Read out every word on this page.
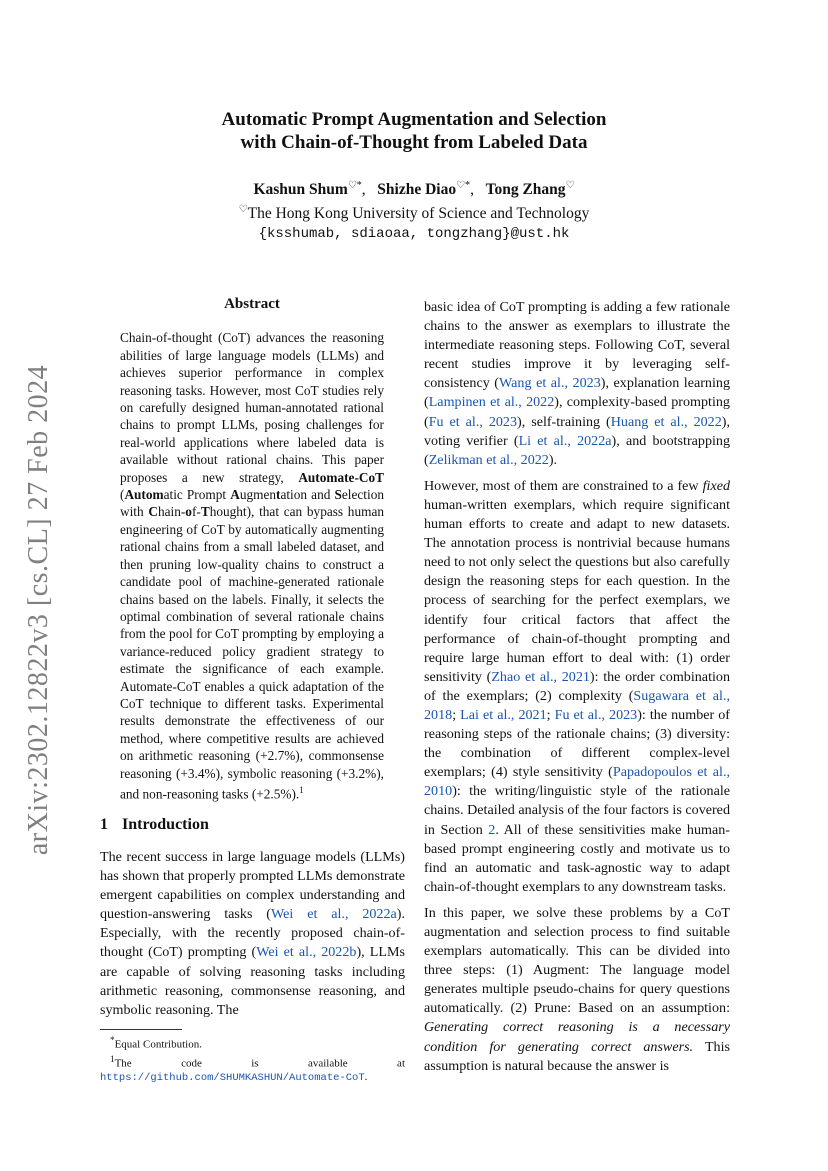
arXiv:2302.12822v3 [cs.CL] 27 Feb 2024
Automatic Prompt Augmentation and Selection
with Chain-of-Thought from Labeled Data
Kashun Shum♡*,   Shizhe Diao♡*,   Tong Zhang♡
♡The Hong Kong University of Science and Technology
{ksshumab, sdiaoaa, tongzhang}@ust.hk
Abstract

Chain-of-thought (CoT) advances the reasoning abilities of large language models (LLMs) and achieves superior performance in complex reasoning tasks. However, most CoT studies rely on carefully designed human-annotated rational chains to prompt LLMs, posing challenges for real-world applications where labeled data is available without rational chains. This paper proposes a new strategy, Automate-CoT (Automatic Prompt Augmentation and Selection with Chain-of-Thought), that can bypass human engineering of CoT by automatically augmenting rational chains from a small labeled dataset, and then pruning low-quality chains to construct a candidate pool of machine-generated rationale chains based on the labels. Finally, it selects the optimal combination of several rationale chains from the pool for CoT prompting by employing a variance-reduced policy gradient strategy to estimate the significance of each example. Automate-CoT enables a quick adaptation of the CoT technique to different tasks. Experimental results demonstrate the effectiveness of our method, where competitive results are achieved on arithmetic reasoning (+2.7%), commonsense reasoning (+3.4%), symbolic reasoning (+3.2%), and non-reasoning tasks (+2.5%).$^1$

1 Introduction

The recent success in large language models (LLMs) has shown that properly prompted LLMs demonstrate emergent capabilities on complex understanding and question-answering tasks (Wei et al., 2022a). Especially, with the recently proposed chain-of-thought (CoT) prompting (Wei et al., 2022b), LLMs are capable of solving reasoning tasks including arithmetic reasoning, commonsense reasoning, and symbolic reasoning. The

basic idea of CoT prompting is adding a few rationale chains to the answer as exemplars to illustrate the intermediate reasoning steps. Following CoT, several recent studies improve it by leveraging self-consistency (Wang et al., 2023), explanation learning (Lampinen et al., 2022), complexity-based prompting (Fu et al., 2023), self-training (Huang et al., 2022), voting verifier (Li et al., 2022a), and bootstrapping (Zelikman et al., 2022).

However, most of them are constrained to a few fixed human-written exemplars, which require significant human efforts to create and adapt to new datasets. The annotation process is nontrivial because humans need to not only select the questions but also carefully design the reasoning steps for each question. In the process of searching for the perfect exemplars, we identify four critical factors that affect the performance of chain-of-thought prompting and require large human effort to deal with: (1) order sensitivity (Zhao et al., 2021): the order combination of the exemplars; (2) complexity (Sugawara et al., 2018; Lai et al., 2021; Fu et al., 2023): the number of reasoning steps of the rationale chains; (3) diversity: the combination of different complex-level exemplars; (4) style sensitivity (Papadopoulos et al., 2010): the writing/linguistic style of the rationale chains. Detailed analysis of the four factors is covered in Section 2. All of these sensitivities make human-based prompt engineering costly and motivate us to find an automatic and task-agnostic way to adapt chain-of-thought exemplars to any downstream tasks.

In this paper, we solve these problems by a CoT augmentation and selection process to find suitable exemplars automatically. This can be divided into three steps: (1) Augment: The language model generates multiple pseudo-chains for query questions automatically. (2) Prune: Based on an assumption: Generating correct reasoning is a necessary condition for generating correct answers. This assumption is natural because the answer is

*Equal Contribution.

$^1$The code is available at https://github.com/SHUMKASHUN/Automate-CoT.
